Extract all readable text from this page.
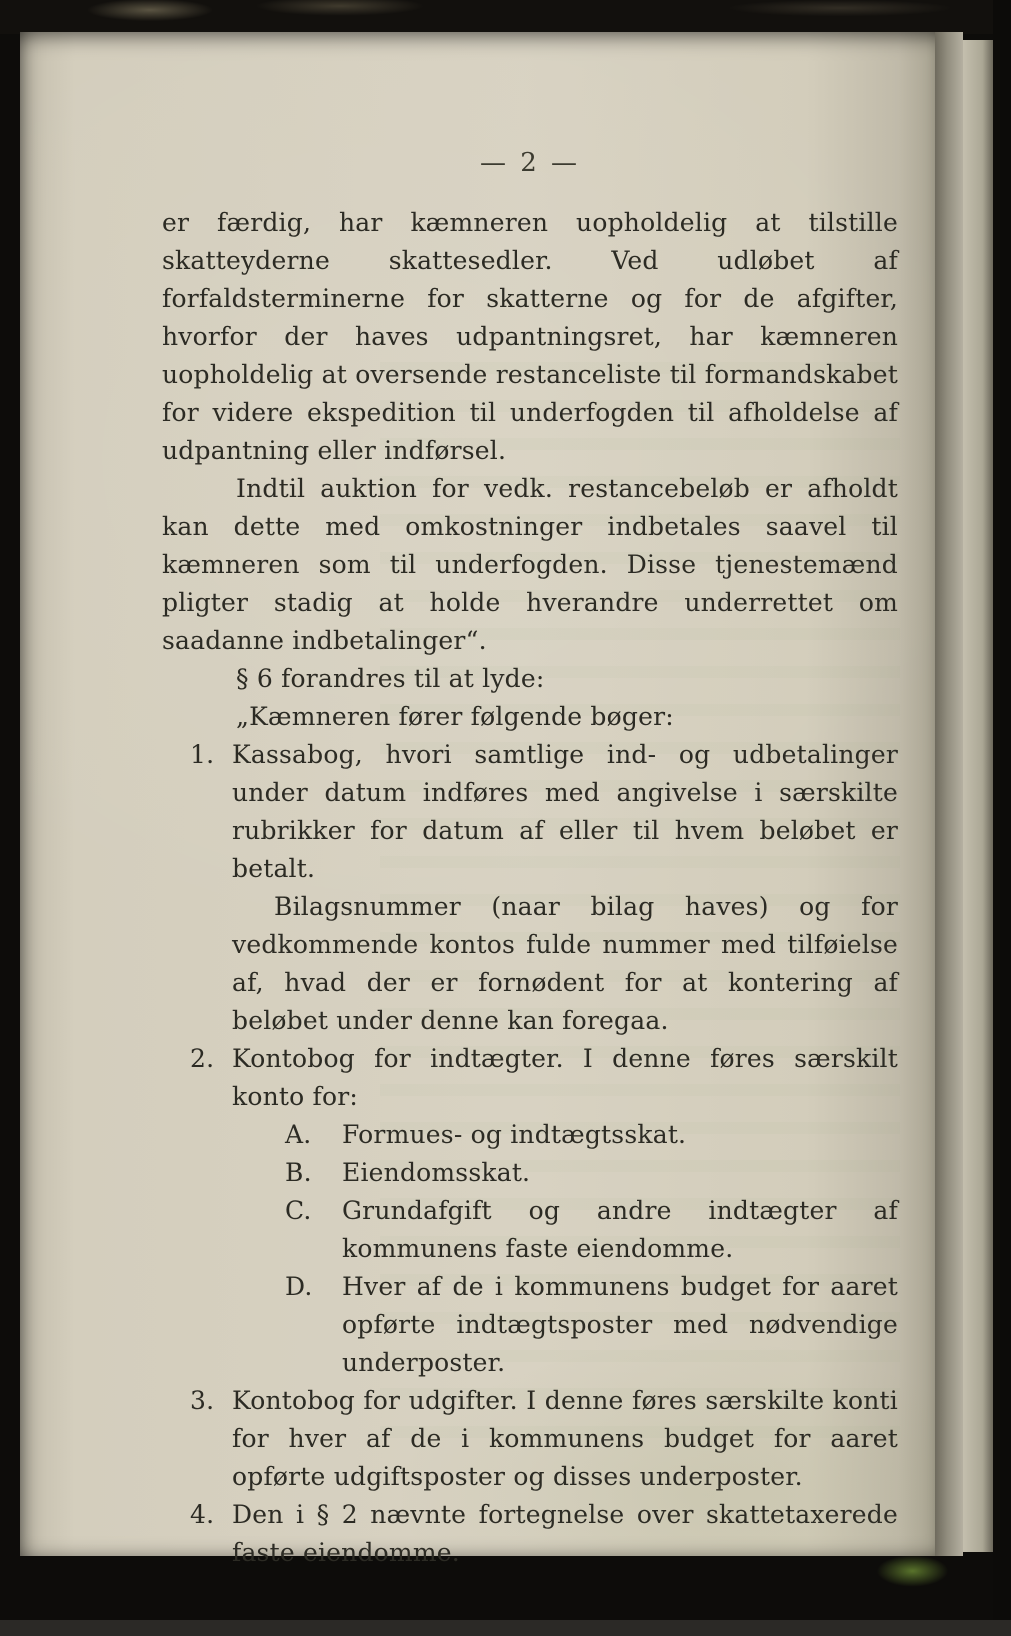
— 2 —

er færdig, har kæmneren uopholdelig at tilstille skatteyderne skattesedler. Ved udløbet af forfaldsterminerne for skatterne og for de afgifter, hvorfor der haves udpantningsret, har kæmneren uopholdelig at oversende restanceliste til formandskabet for videre ekspedition til underfogden til afholdelse af udpantning eller indførsel.

Indtil auktion for vedk. restancebeløb er afholdt kan dette med omkostninger indbetales saavel til kæmneren som til underfogden. Disse tjenestemænd pligter stadig at holde hverandre underrettet om saadanne indbetalinger“.

§ 6 forandres til at lyde:

„Kæmneren fører følgende bøger:

1. Kassabog, hvori samtlige ind- og udbetalinger under datum indføres med angivelse i særskilte rubrikker for datum af eller til hvem beløbet er betalt.

Bilagsnummer (naar bilag haves) og for vedkommende kontos fulde nummer med tilføielse af, hvad der er fornødent for at kontering af beløbet under denne kan foregaa.

2. Kontobog for indtægter. I denne føres særskilt konto for:

A.	Formues- og indtægtsskat.
B.	Eiendomsskat.
C.	Grundafgift og andre indtægter af kommunens faste eiendomme.
D.	Hver af de i kommunens budget for aaret opførte indtægtsposter med nødvendige underposter.
3. Kontobog for udgifter. I denne føres særskilte konti for hver af de i kommunens budget for aaret opførte udgiftsposter og disses underposter.

4. Den i § 2 nævnte fortegnelse over skattetaxerede faste eiendomme.
